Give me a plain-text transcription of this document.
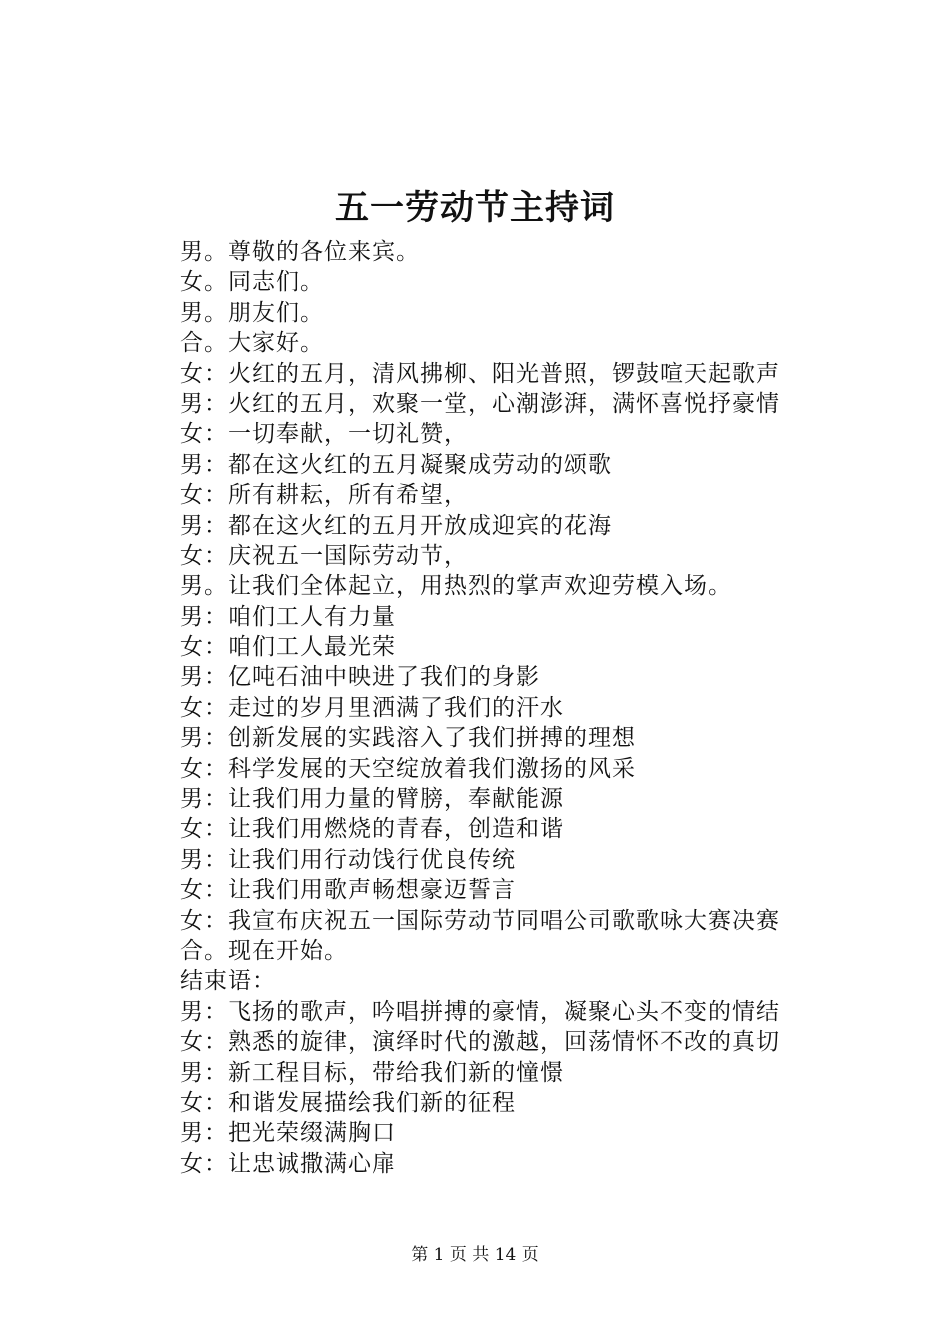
五一劳动节主持词
男。尊敬的各位来宾。
女。同志们。
男。朋友们。
合。大家好。
女：火红的五月，清风拂柳、阳光普照，锣鼓喧天起歌声
男：火红的五月，欢聚一堂，心潮澎湃，满怀喜悦抒豪情
女：一切奉献，一切礼赞，
男：都在这火红的五月凝聚成劳动的颂歌
女：所有耕耘，所有希望，
男：都在这火红的五月开放成迎宾的花海
女：庆祝五一国际劳动节，
男。让我们全体起立，用热烈的掌声欢迎劳模入场。
男：咱们工人有力量
女：咱们工人最光荣
男：亿吨石油中映进了我们的身影
女：走过的岁月里洒满了我们的汗水
男：创新发展的实践溶入了我们拼搏的理想
女：科学发展的天空绽放着我们激扬的风采
男：让我们用力量的臂膀，奉献能源
女：让我们用燃烧的青春，创造和谐
男：让我们用行动饯行优良传统
女：让我们用歌声畅想豪迈誓言
女：我宣布庆祝五一国际劳动节同唱公司歌歌咏大赛决赛
合。现在开始。
结束语：
男：飞扬的歌声，吟唱拼搏的豪情，凝聚心头不变的情结
女：熟悉的旋律，演绎时代的激越，回荡情怀不改的真切
男：新工程目标，带给我们新的憧憬
女：和谐发展描绘我们新的征程
男：把光荣缀满胸口
女：让忠诚撒满心扉
第 1 页 共 14 页
